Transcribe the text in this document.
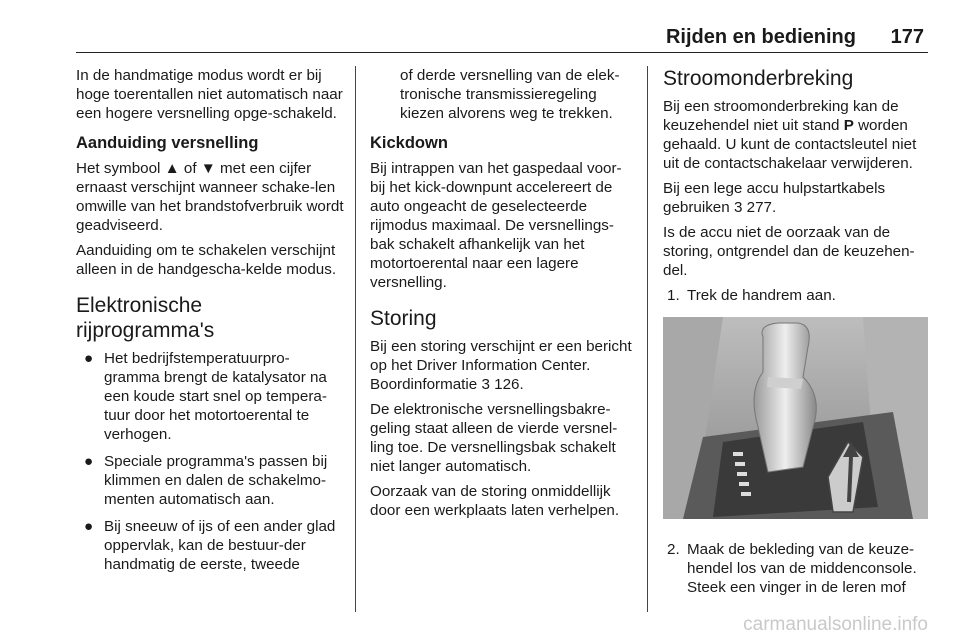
Rijden en bediening 177

In de handmatige modus wordt er bij hoge toerentallen niet automatisch naar een hogere versnelling opge-schakeld.

Aanduiding versnelling

Het symbool ▲ of ▼ met een cijfer ernaast verschijnt wanneer schake-len omwille van het brandstofverbruik wordt geadviseerd.

Aanduiding om te schakelen verschijnt alleen in de handgescha-kelde modus.

Elektronische
rijprogramma's
● Het bedrijfstemperatuurpro-gramma brengt de katalysator na een koude start snel op tempera-tuur door het motortoerental te verhogen.
● Speciale programma's passen bij klimmen en dalen de schakelmo-menten automatisch aan.
● Bij sneeuw of ijs of een ander glad oppervlak, kan de bestuur-der handmatig de eerste, tweede

of derde versnelling van de elek-tronische transmissieregeling kiezen alvorens weg te trekken.

Kickdown

Bij intrappen van het gaspedaal voor-bij het kick-downpunt accelereert de auto ongeacht de geselecteerde rijmodus maximaal. De versnellings-bak schakelt afhankelijk van het motortoerental naar een lagere versnelling.

Storing

Bij een storing verschijnt er een bericht op het Driver Information Center. Boordinformatie 3 126.

De elektronische versnellingsbakre-geling staat alleen de vierde versnel-ling toe. De versnellingsbak schakelt niet langer automatisch.

Oorzaak van de storing onmiddellijk door een werkplaats laten verhelpen.

Stroomonderbreking

Bij een stroomonderbreking kan de keuzehendel niet uit stand P worden gehaald. U kunt de contactsleutel niet uit de contactschakelaar verwijderen.

Bij een lege accu hulpstartkabels gebruiken 3 277.

Is de accu niet de oorzaak van de storing, ontgrendel dan de keuzehen-del.

1. Trek de handrem aan.
2. Maak de bekleding van de keuze-hendel los van de middenconsole. Steek een vinger in de leren mof
carmanualsonline.info
